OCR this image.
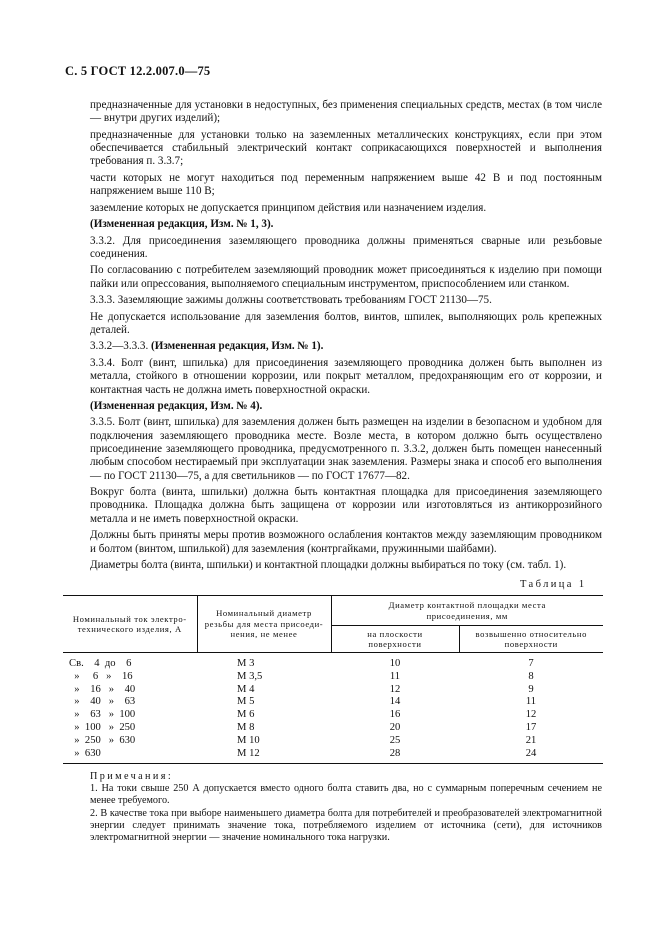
С. 5 ГОСТ 12.2.007.0—75

предназначенные для установки в недоступных, без применения специальных средств, местах (в том числе — внутри других изделий);

предназначенные для установки только на заземленных металлических конструкциях, если при этом обеспечивается стабильный электрический контакт соприкасающихся поверхностей и выполнения требования п. 3.3.7;

части которых не могут находиться под переменным напряжением выше 42 В и под постоянным напряжением выше 110 В;

заземление которых не допускается принципом действия или назначением изделия.

(Измененная редакция, Изм. № 1, 3).

3.3.2. Для присоединения заземляющего проводника должны применяться сварные или резьбовые соединения.

По согласованию с потребителем заземляющий проводник может присоединяться к изделию при помощи пайки или опрессования, выполняемого специальным инструментом, приспособлением или станком.

3.3.3. Заземляющие зажимы должны соответствовать требованиям ГОСТ 21130—75.

Не допускается использование для заземления болтов, винтов, шпилек, выполняющих роль крепежных деталей.

3.3.2—3.3.3. (Измененная редакция, Изм. № 1).

3.3.4. Болт (винт, шпилька) для присоединения заземляющего проводника должен быть выполнен из металла, стойкого в отношении коррозии, или покрыт металлом, предохраняющим его от коррозии, и контактная часть не должна иметь поверхностной окраски.

(Измененная редакция, Изм. № 4).

3.3.5. Болт (винт, шпилька) для заземления должен быть размещен на изделии в безопасном и удобном для подключения заземляющего проводника месте. Возле места, в котором должно быть осуществлено присоединение заземляющего проводника, предусмотренного п. 3.3.2, должен быть помещен нанесенный любым способом нестираемый при эксплуатации знак заземления. Размеры знака и способ его выполнения — по ГОСТ 21130—75, а для светильников — по ГОСТ 17677—82.

Вокруг болта (винта, шпильки) должна быть контактная площадка для присоединения заземляющего проводника. Площадка должна быть защищена от коррозии или изготовляться из антикоррозийного металла и не иметь поверхностной окраски.

Должны быть приняты меры против возможного ослабления контактов между заземляющим проводником и болтом (винтом, шпилькой) для заземления (контргайками, пружинными шайбами).

Диаметры болта (винта, шпильки) и контактной площадки должны выбираться по току (см. табл. 1).

Таблица 1
Номинальный ток электро-технического изделия, А	Номинальный диаметр резьбы для места присоеди-нения, не менее	Диаметр контактной площадки места присоединения, мм	
		на плоскости поверхности	возвышенно относительно поверхности

Св.    4  до    6	М 3	10	7
»     6   »    16	М 3,5	11	8
»    16   »    40	М 4	12	9
»    40   »    63	М 5	14	11
»    63   »  100	М 6	16	12
»  100   »  250	М 8	20	17
»  250   »  630	М 10	25	21
»  630	М 12	28	24

Примечания:

1. На токи свыше 250 А допускается вместо одного болта ставить два, но с суммарным поперечным сечением не менее требуемого.

2. В качестве тока при выборе наименьшего диаметра болта для потребителей и преобразователей электромагнитной энергии следует принимать значение тока, потребляемого изделием от источника (сети), для источников электромагнитной энергии — значение номинального тока нагрузки.
